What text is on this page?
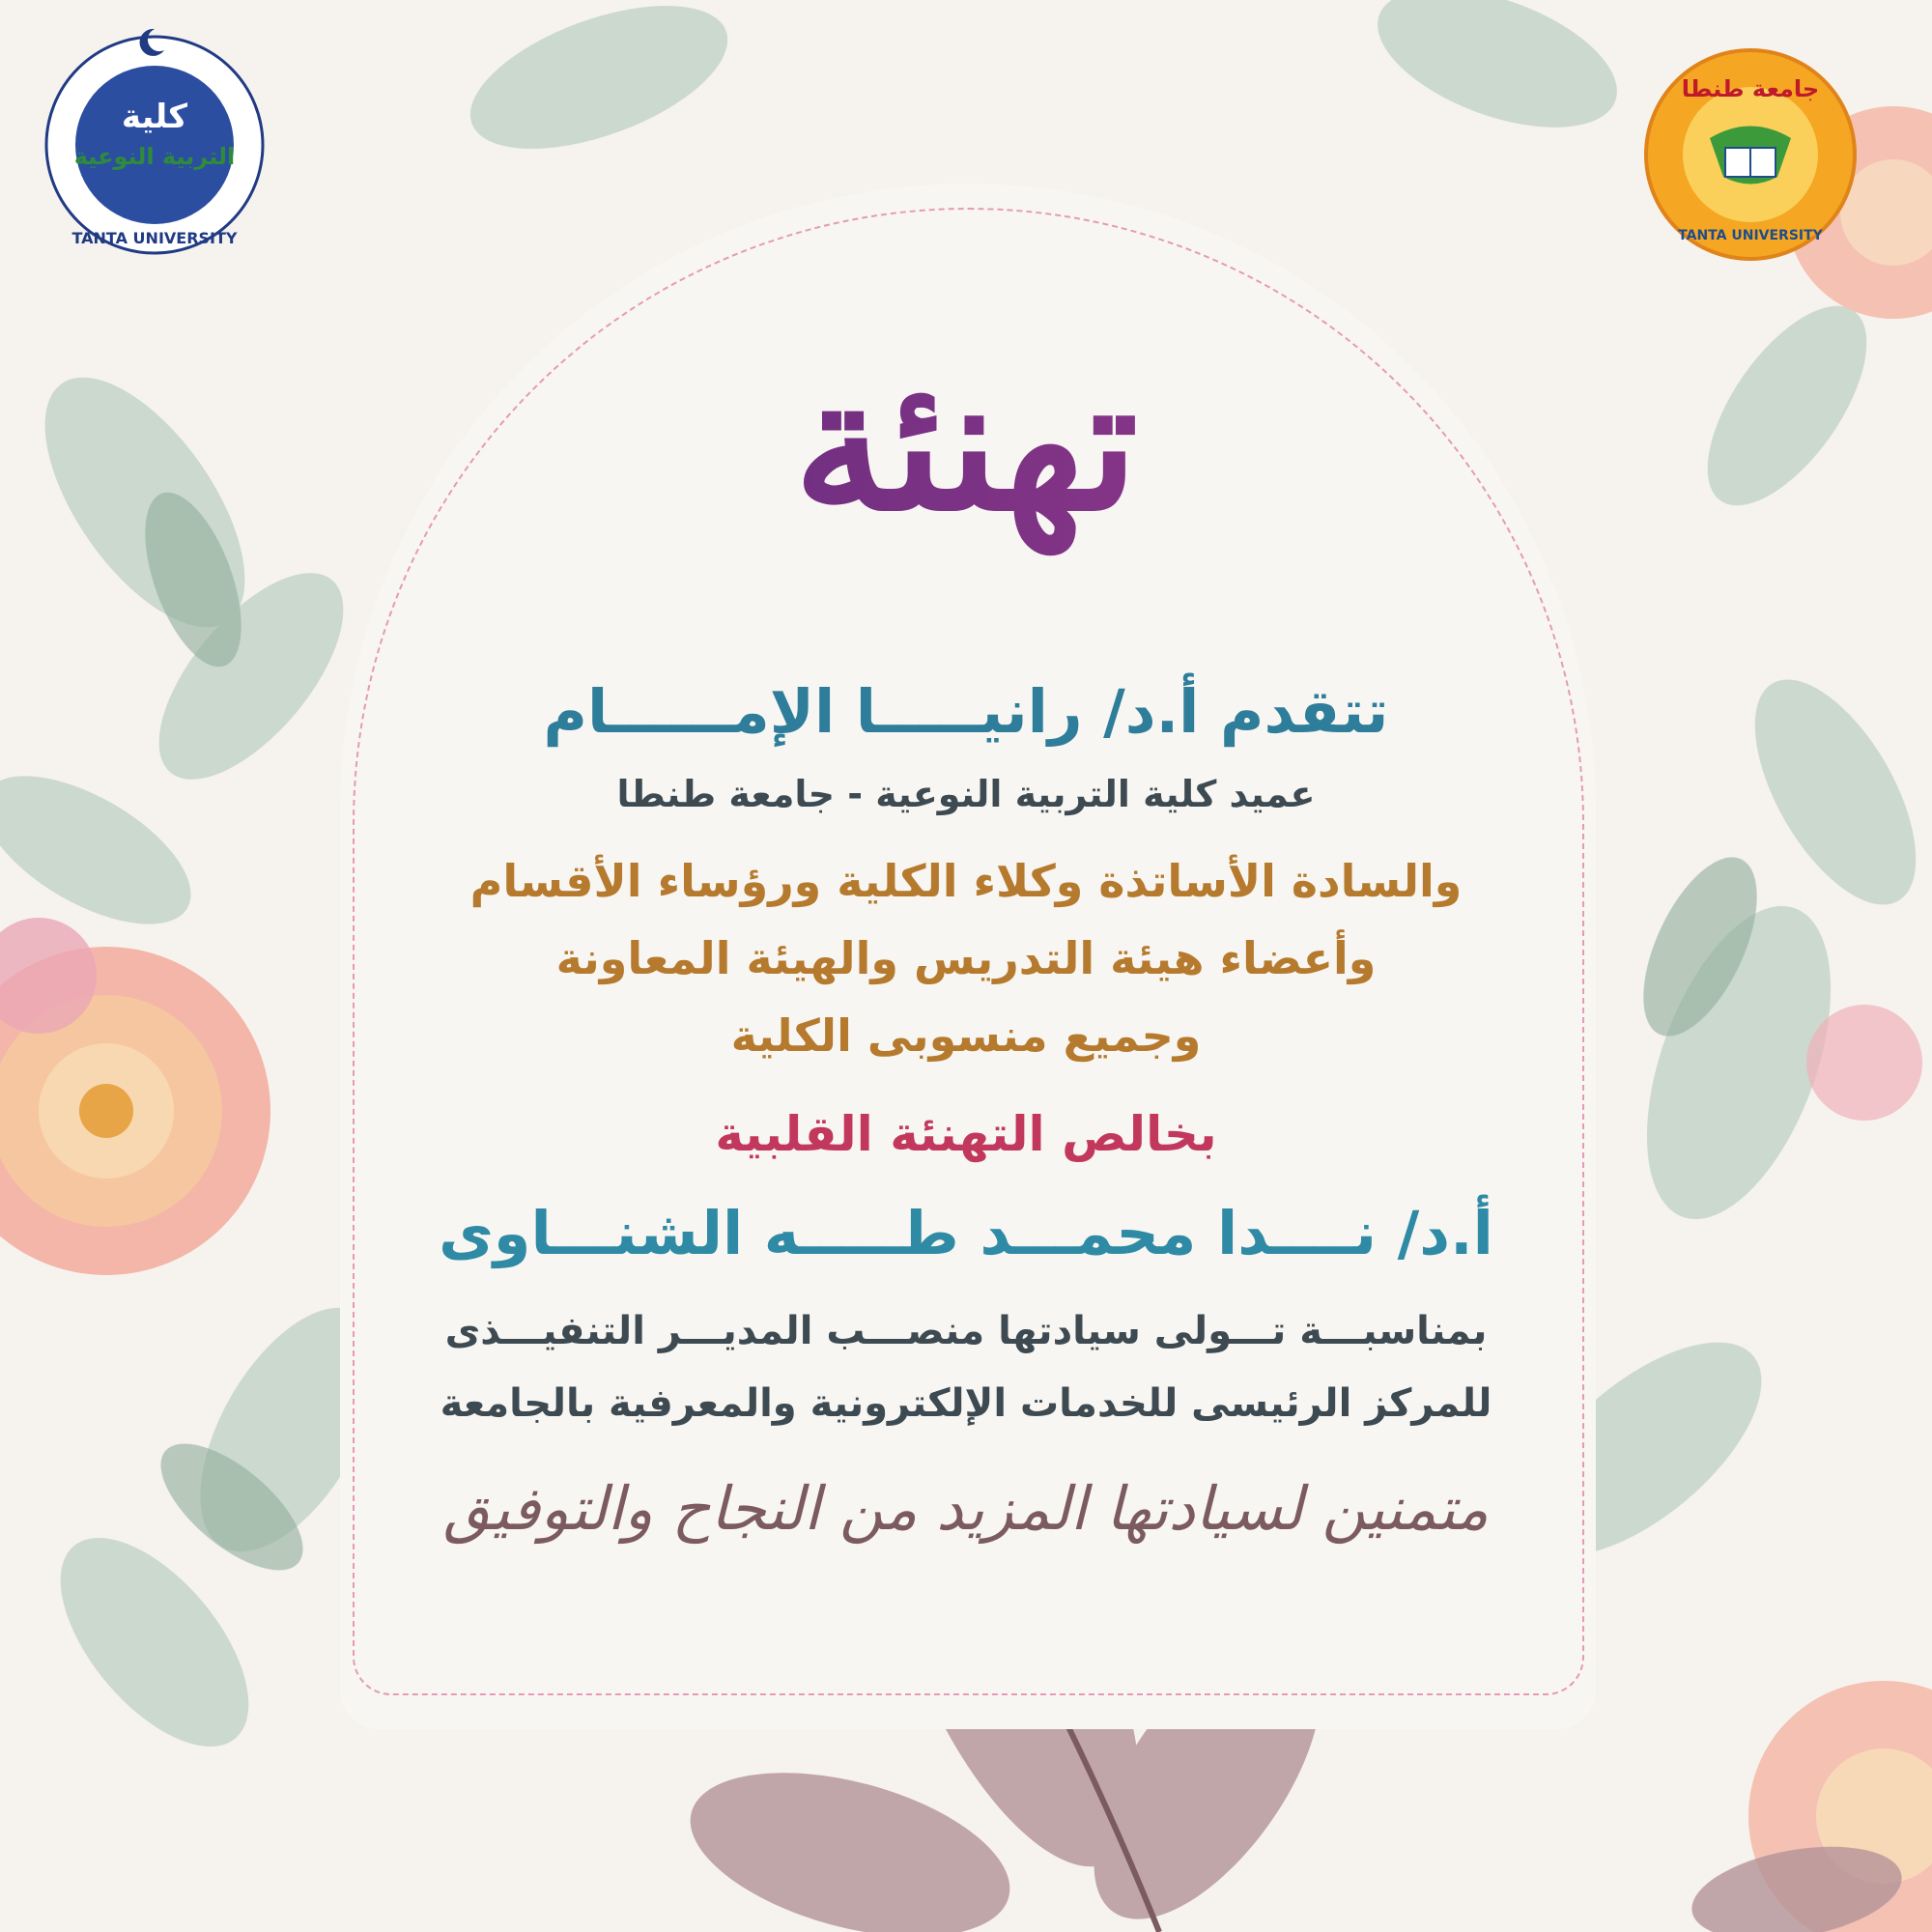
كلية
التربية النوعية
TANTA UNIVERSITY
جامعة طنطا
TANTA UNIVERSITY
تهنئة
تتقدم أ.د/ رانيـــــا الإمــــــام
عميد كلية التربية النوعية - جامعة طنطا
والسادة الأساتذة وكلاء الكلية ورؤساء الأقسام
وأعضاء هيئة التدريس والهيئة المعاونة
وجميع منسوبى الكلية
بخالص التهنئة القلبية
أ.د/ نــــدا محمـــد طـــــه الشنـــاوى
بمناسبـــة تـــولى سيادتها منصـــب المديـــر التنفيـــذى
للمركز الرئيسى للخدمات الإلكترونية والمعرفية بالجامعة
متمنين لسيادتها المزيد من النجاح والتوفيق
